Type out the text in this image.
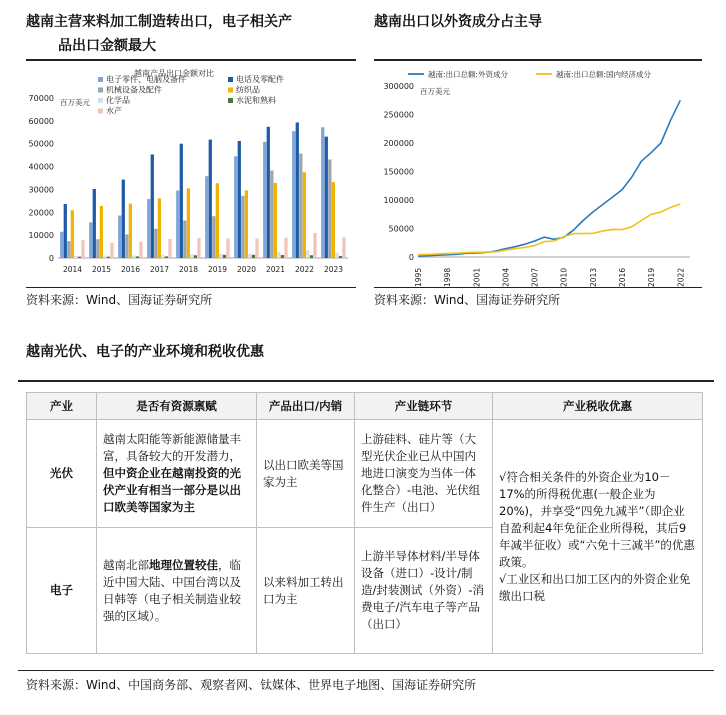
越南主营来料加工制造转出口，电子相关产
品出口金额最大
越南出口以外资成分占主导
越南产品出口金额对比
百万美元
0
10000
20000
30000
40000
50000
60000
70000
2014 2015 2016 2017 2018 2019 2020 2021 2022 2023
电子零件、电脑及备件	电话及零配件
机械设备及配件	纺织品
化学品	水泥和熟料
水产
资料来源：Wind、国海证券研究所
百万美元
0
50000
100000
150000
200000
250000
300000
1995	1998	2001	2004	2007	2010	2013	2016	2019	2022
越南:出口总额:外资成分	越南:出口总额:国内经济成分
资料来源：Wind、国海证券研究所
越南光伏、电子的产业环境和税收优惠
产业	是否有资源禀赋	产品出口/内销	产业链环节	产业税收优惠
光伏	越南太阳能等新能源储量丰富，具备较大的开发潜力，但中资企业在越南投资的光伏产业有相当一部分是以出口欧美等国家为主	以出口欧美等国家为主	上游硅料、硅片等（大型光伏企业已从中国内地进口演变为当体一体化整合）-电池、光伏组件生产（出口）	√符合相关条件的外资企业为10－17%的所得税优惠(一般企业为20%)，并享受“四免九减半”（即企业自盈利起4年免征企业所得税，其后9年减半征收）或“六免十三减半”的优惠政策。
√工业区和出口加工区内的外资企业免缴出口税

电子	越南北部地理位置较佳，临近中国大陆、中国台湾以及日韩等（电子相关制造业较强的区域）。	以来料加工转出口为主	上游半导体材料/半导体设备（进口）-设计/制造/封装测试（外资）-消费电子/汽车电子等产品（出口）	
资料来源：Wind、中国商务部、观察者网、钛媒体、世界电子地图、国海证券研究所
